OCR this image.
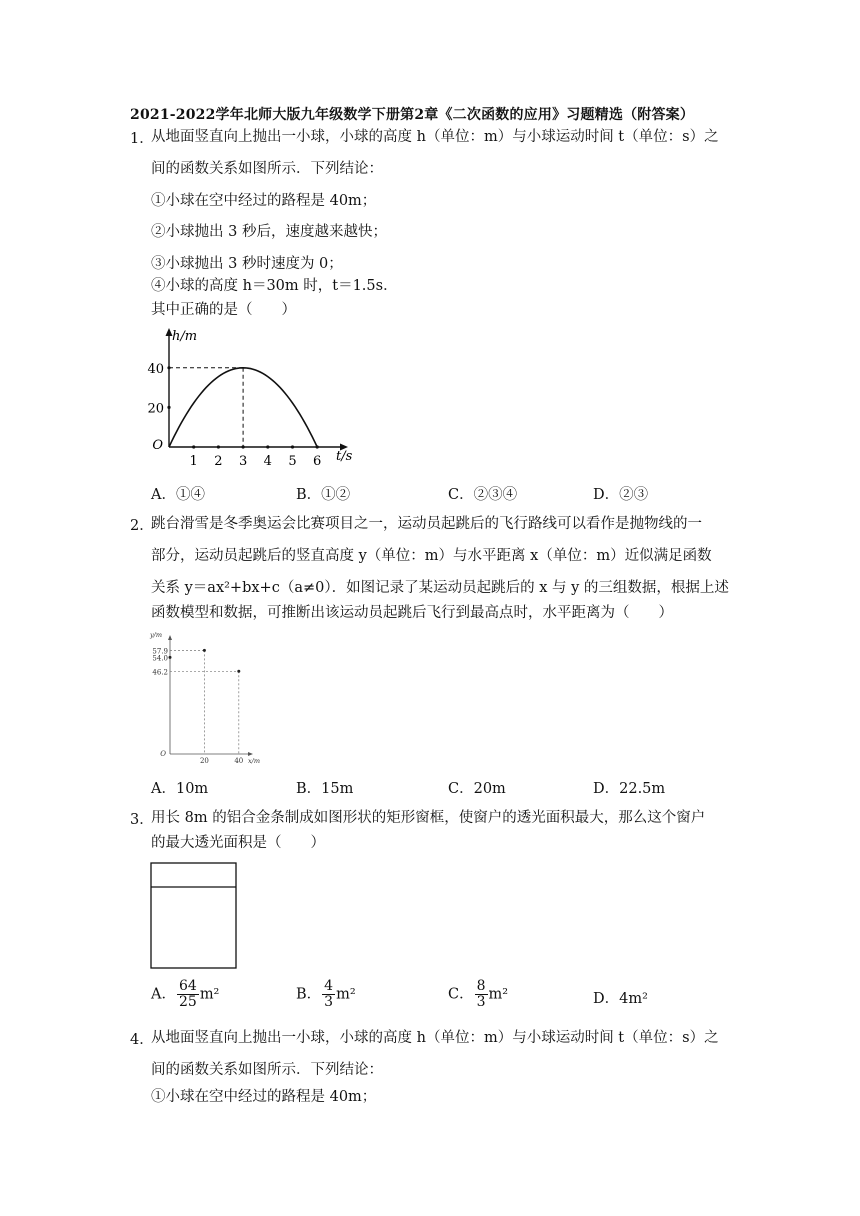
2021-2022学年北师大版九年级数学下册第2章《二次函数的应用》习题精选（附答案）
1．
从地面竖直向上抛出一小球，小球的高度 h（单位：m）与小球运动时间 t（单位：s）之
间的函数关系如图所示．下列结论：
①小球在空中经过的路程是 40m；
②小球抛出 3 秒后，速度越来越快；
③小球抛出 3 秒时速度为 0；
④小球的高度 h＝30m 时，t＝1.5s．
其中正确的是（　　）
1 2 3 4 5 6
20
40
O
t/s
h/m
A．①④	B．①②	C．②③④	D．②③
2．
跳台滑雪是冬季奥运会比赛项目之一，运动员起跳后的飞行路线可以看作是抛物线的一
部分，运动员起跳后的竖直高度 y（单位：m）与水平距离 x（单位：m）近似满足函数
关系 y＝ax²+bx+c（a≠0）．如图记录了某运动员起跳后的 x 与 y 的三组数据，根据上述
函数模型和数据，可推断出该运动员起跳后飞行到最高点时，水平距离为（　　）
57.9
54.0
46.2
20	40
O
x/m
y/m
A．10m	B．15m	C．20m	D．22.5m
3．
用长 8m 的铝合金条制成如图形状的矩形窗框，使窗户的透光面积最大，那么这个窗户
的最大透光面积是（　　）
A． $\frac{64}{25} m^2$	B． $\frac{4}{3} m^2$	C． $\frac{8}{3} m^2$	D．4m²
4．
从地面竖直向上抛出一小球，小球的高度 h（单位：m）与小球运动时间 t（单位：s）之
间的函数关系如图所示．下列结论：
①小球在空中经过的路程是 40m；
